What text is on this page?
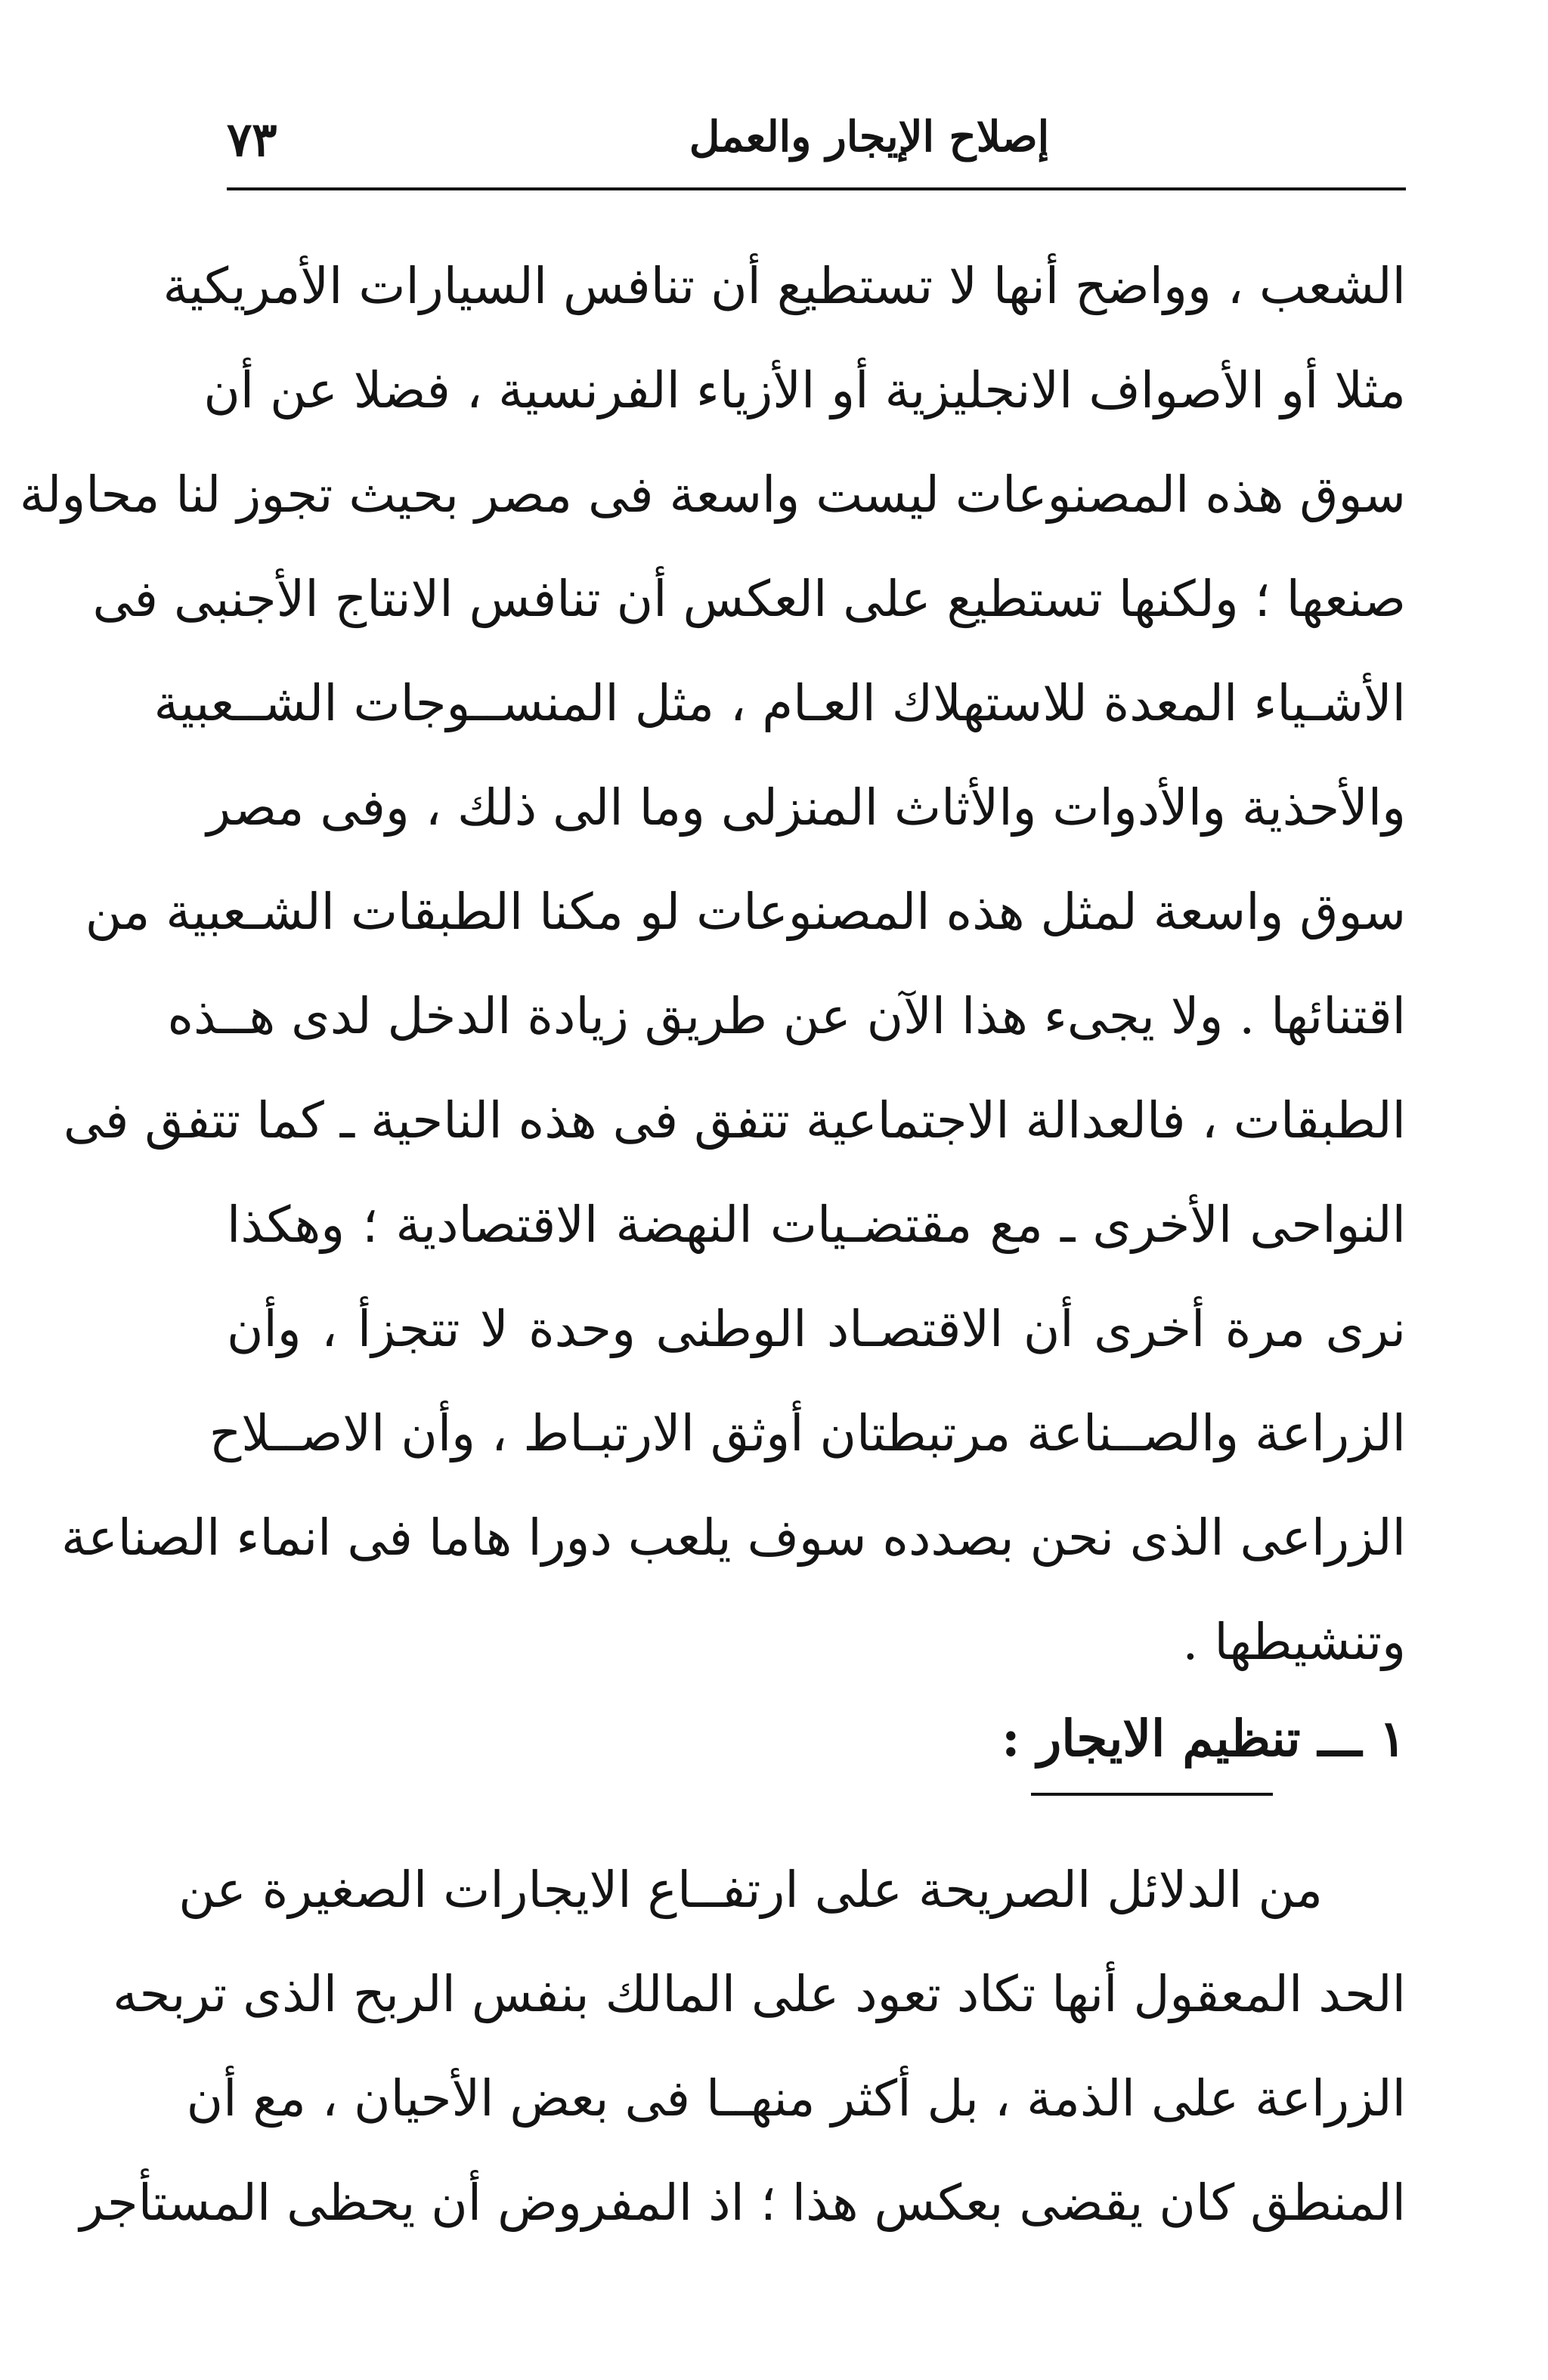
٧٣	إصلاح الإيجار والعمل
الشعب ، وواضح أنها لا تستطيع أن تنافس السيارات الأمريكية
مثلا أو الأصواف الانجليزية أو الأزياء الفرنسية ، فضلا عن أن
سوق هذه المصنوعات ليست واسعة فى مصر بحيث تجوز لنا محاولة
صنعها ؛ ولكنها تستطيع على العكس أن تنافس الانتاج الأجنبى فى
الأشـياء المعدة للاستهلاك العـام ، مثل المنســوجات الشــعبية
والأحذية والأدوات والأثاث المنزلى وما الى ذلك ، وفى مصر
سوق واسعة لمثل هذه المصنوعات لو مكنا الطبقات الشـعبية من
اقتنائها . ولا يجىء هذا الآن عن طريق زيادة الدخل لدى هــذه
الطبقات ، فالعدالة الاجتماعية تتفق فى هذه الناحية ـ كما تتفق فى
النواحى الأخرى ـ مع مقتضـيات النهضة الاقتصادية ؛ وهكذا
نرى مرة أخرى أن الاقتصـاد الوطنى وحدة لا تتجزأ ، وأن
الزراعة والصــناعة مرتبطتان أوثق الارتبـاط ، وأن الاصــلاح
الزراعى الذى نحن بصدده سوف يلعب دورا هاما فى انماء الصناعة
وتنشيطها .
١ ـــ تنظيم الايجار :
من الدلائل الصريحة على ارتفــاع الايجارات الصغيرة عن
الحد المعقول أنها تكاد تعود على المالك بنفس الربح الذى تربحه
الزراعة على الذمة ، بل أكثر منهــا فى بعض الأحيان ، مع أن
المنطق كان يقضى بعكس هذا ؛ اذ المفروض أن يحظى المستأجر
